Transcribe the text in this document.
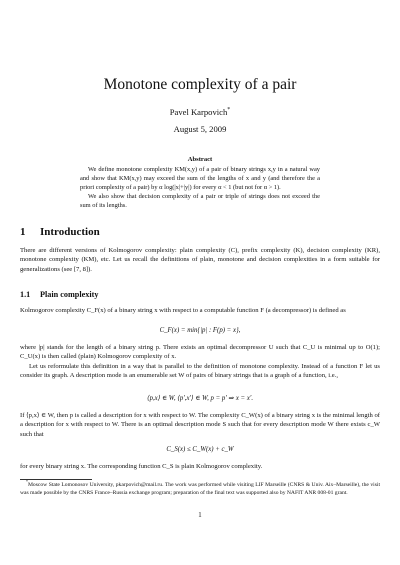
Monotone complexity of a pair
Pavel Karpovich*
August 5, 2009
Abstract

We define monotone complexity KM(x,y) of a pair of binary strings x,y in a natural way and show that KM(x,y) may exceed the sum of the lengths of x and y (and therefore the a priori complexity of a pair) by α log(|x|+|y|) for every α < 1 (but not for α > 1).

We also show that decision complexity of a pair or triple of strings does not exceed the sum of its lengths.

1 Introduction

There are different versions of Kolmogorov complexity: plain complexity (C), prefix complexity (K), decision complexity (KR), monotone complexity (KM), etc. Let us recall the definitions of plain, monotone and decision complexities in a form suitable for generalizations (see [7, 8]).

1.1 Plain complexity

Kolmogorov complexity C_F(x) of a binary string x with respect to a computable function F (a decompressor) is defined as

C_F(x) = min{|p| : F(p) = x},

where |p| stands for the length of a binary string p. There exists an optimal decompressor U such that C_U is minimal up to O(1); C_U(x) is then called (plain) Kolmogorov complexity of x.

Let us reformulate this definition in a way that is parallel to the definition of monotone complexity. Instead of a function F let us consider its graph. A description mode is an enumerable set W of pairs of binary strings that is a graph of a function, i.e.,

⟨p,x⟩ ∈ W, ⟨p′,x′⟩ ∈ W, p = p′ ⇒ x = x′.

If ⟨p,x⟩ ∈ W, then p is called a description for x with respect to W. The complexity C_W(x) of a binary string x is the minimal length of a description for x with respect to W. There is an optimal description mode S such that for every description mode W there exists c_W such that

C_S(x) ≤ C_W(x) + c_W

for every binary string x. The corresponding function C_S is plain Kolmogorov complexity.

*Moscow State Lomonosov University, pkarpovich@mail.ru. The work was performed while visiting LIF Marseille (CNRS & Univ. Aix–Marseille), the visit was made possible by the CNRS France–Russia exchange program; preparation of the final text was supported also by NAFIT ANR 008-01 grant.

1
